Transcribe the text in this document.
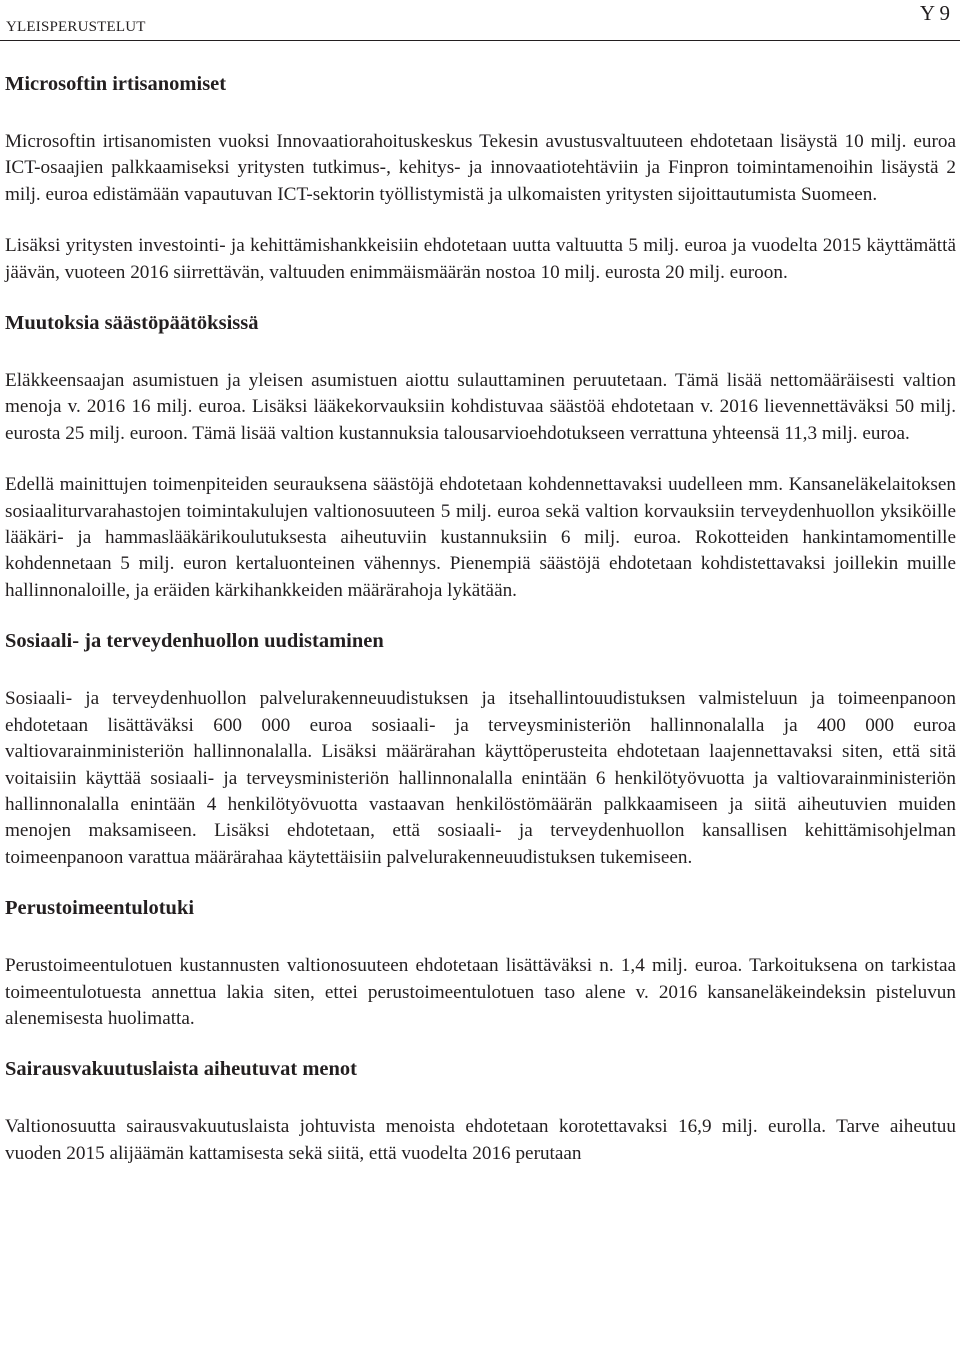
YLEISPERUSTELUT
Y 9
Microsoftin irtisanomiset

Microsoftin irtisanomisten vuoksi Innovaatiorahoituskeskus Tekesin avustusvaltuuteen ehdotetaan lisäystä 10 milj. euroa ICT-osaajien palkkaamiseksi yritysten tutkimus-, kehitys- ja innovaatiotehtäviin ja Finpron toimintamenoihin lisäystä 2 milj. euroa edistämään vapautuvan ICT-sektorin työllistymistä ja ulkomaisten yritysten sijoittautumista Suomeen.

Lisäksi yritysten investointi- ja kehittämishankkeisiin ehdotetaan uutta valtuutta 5 milj. euroa ja vuodelta 2015 käyttämättä jäävän, vuoteen 2016 siirrettävän, valtuuden enimmäismäärän nostoa 10 milj. eurosta 20 milj. euroon.

Muutoksia säästöpäätöksissä

Eläkkeensaajan asumistuen ja yleisen asumistuen aiottu sulauttaminen peruutetaan. Tämä lisää nettomääräisesti valtion menoja v. 2016 16 milj. euroa. Lisäksi lääkekorvauksiin kohdistuvaa säästöä ehdotetaan v. 2016 lievennettäväksi 50 milj. eurosta 25 milj. euroon. Tämä lisää valtion kustannuksia talousarvioehdotukseen verrattuna yhteensä 11,3 milj. euroa.

Edellä mainittujen toimenpiteiden seurauksena säästöjä ehdotetaan kohdennettavaksi uudelleen mm. Kansaneläkelaitoksen sosiaaliturvarahastojen toimintakulujen valtionosuuteen 5 milj. euroa sekä valtion korvauksiin terveydenhuollon yksiköille lääkäri- ja hammaslääkärikoulutuksesta aiheutuviin kustannuksiin 6 milj. euroa. Rokotteiden hankintamomentille kohdennetaan 5 milj. euron kertaluonteinen vähennys. Pienempiä säästöjä ehdotetaan kohdistettavaksi joillekin muille hallinnonaloille, ja eräiden kärkihankkeiden määrärahoja lykätään.

Sosiaali- ja terveydenhuollon uudistaminen

Sosiaali- ja terveydenhuollon palvelurakenneuudistuksen ja itsehallintouudistuksen valmisteluun ja toimeenpanoon ehdotetaan lisättäväksi 600 000 euroa sosiaali- ja terveysministeriön hallinnonalalla ja 400 000 euroa valtiovarainministeriön hallinnonalalla. Lisäksi määrärahan käyttöperusteita ehdotetaan laajennettavaksi siten, että sitä voitaisiin käyttää sosiaali- ja terveysministeriön hallinnonalalla enintään 6 henkilötyövuotta ja valtiovarainministeriön hallinnonalalla enintään 4 henkilötyövuotta vastaavan henkilöstömäärän palkkaamiseen ja siitä aiheutuvien muiden menojen maksamiseen. Lisäksi ehdotetaan, että sosiaali- ja terveydenhuollon kansallisen kehittämisohjelman toimeenpanoon varattua määrärahaa käytettäisiin palvelurakenneuudistuksen tukemiseen.

Perustoimeentulotuki

Perustoimeentulotuen kustannusten valtionosuuteen ehdotetaan lisättäväksi n. 1,4 milj. euroa. Tarkoituksena on tarkistaa toimeentulotuesta annettua lakia siten, ettei perustoimeentulotuen taso alene v. 2016 kansaneläkeindeksin pisteluvun alenemisesta huolimatta.

Sairausvakuutuslaista aiheutuvat menot

Valtionosuutta sairausvakuutuslaista johtuvista menoista ehdotetaan korotettavaksi 16,9 milj. eurolla. Tarve aiheutuu vuoden 2015 alijäämän kattamisesta sekä siitä, että vuodelta 2016 perutaan
